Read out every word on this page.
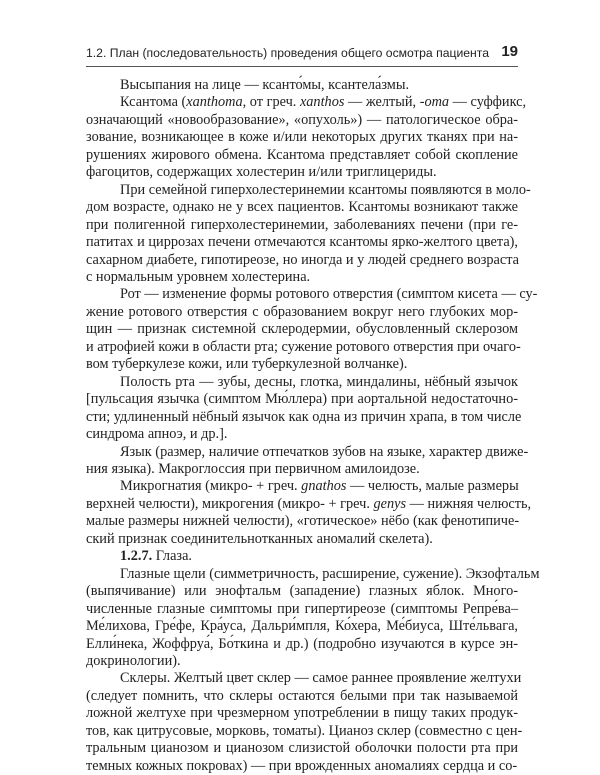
1.2. План (последовательность) проведения общего осмотра пациента 19

Высыпания на лице — ксанто́мы, ксантела́змы.

Ксантома (xanthoma, от греч. xanthos — желтый, -oma — суффикс,
означающий «новообразование», «опухоль») — патологическое обра-
зование, возникающее в коже и/или некоторых других тканях при на-
рушениях жирового обмена. Ксантома представляет собой скопление
фагоцитов, содержащих холестерин и/или триглицериды.

При семейной гиперхолестеринемии ксантомы появляются в моло-
дом возрасте, однако не у всех пациентов. Ксантомы возникают также
при полигенной гиперхолестеринемии, заболеваниях печени (при ге-
патитах и циррозах печени отмечаются ксантомы ярко-желтого цвета),
сахарном диабете, гипотиреозе, но иногда и у людей среднего возраста
с нормальным уровнем холестерина.

Рот — изменение формы ротового отверстия (симптом кисета — су-
жение ротового отверстия с образованием вокруг него глубоких мор-
щин — признак системной склеродермии, обусловленный склерозом
и атрофией кожи в области рта; сужение ротового отверстия при очаго-
вом туберкулезе кожи, или туберкулезной волчанке).

Полость рта — зубы, десны, глотка, миндалины, нёбный язычок
[пульсация язычка (симптом Мю́ллера) при аортальной недостаточно-
сти; удлиненный нёбный язычок как одна из причин храпа, в том числе
синдрома апноэ, и др.].

Язык (размер, наличие отпечатков зубов на языке, характер движе-
ния языка). Макроглоссия при первичном амилоидозе.

Микрогнатия (микро- + греч. gnathos — челюсть, малые размеры
верхней челюсти), микрогения (микро- + греч. genys — нижняя челюсть,
малые размеры нижней челюсти), «готическое» нёбо (как фенотипиче-
ский признак соединительнотканных аномалий скелета).

1.2.7. Глаза.

Глазные щели (симметричность, расширение, сужение). Экзофтальм
(выпячивание) или энофтальм (западение) глазных яблок. Много-
численные глазные симптомы при гипертиреозе (симптомы Репре́ва–
Ме́лихова, Гре́фе, Кра́уса, Дальри́мпля, Ко́хера, Ме́биуса, Ште́львага,
Елли́нека, Жоффруа́, Бо́ткина и др.) (подробно изучаются в курсе эн-
докринологии).

Склеры. Желтый цвет склер — самое раннее проявление желтухи
(следует помнить, что склеры остаются белыми при так называемой
ложной желтухе при чрезмерном употреблении в пищу таких продук-
тов, как цитрусовые, морковь, томаты). Цианоз склер (совместно с цен-
тральным цианозом и цианозом слизистой оболочки полости рта при
темных кожных покровах) — при врожденных аномалиях сердца и со-
